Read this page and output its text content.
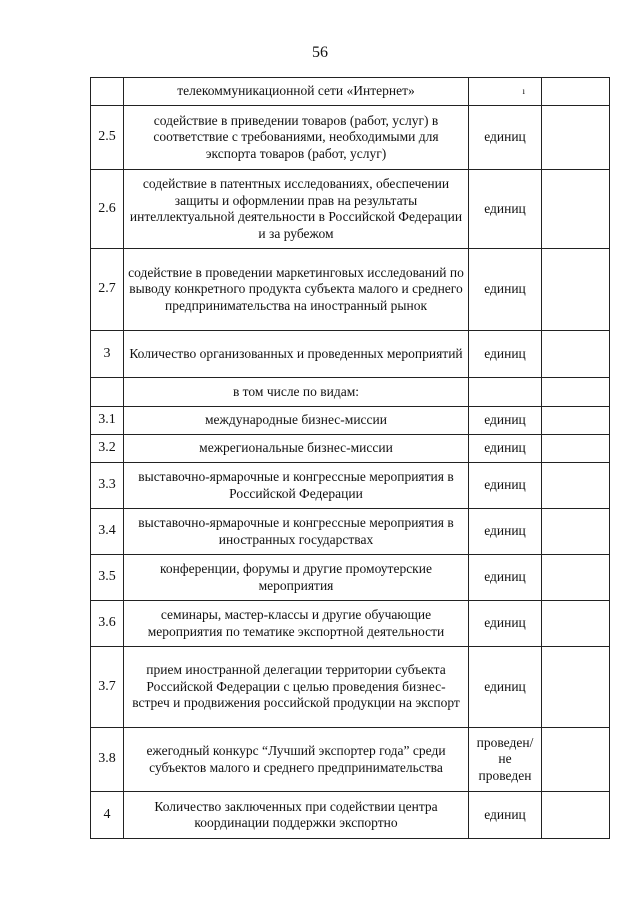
56
	телекоммуникационной сети «Интернет»	ı	

2.5	содействие в приведении товаров (работ, услуг) в соответствие с требованиями, необходимыми для экспорта товаров (работ, услуг)	единиц	
2.6	содействие в патентных исследованиях, обеспечении защиты и оформлении прав на результаты интеллектуальной деятельности в Российской Федерации и за рубежом	единиц	
2.7	содействие в проведении маркетинговых исследований по выводу конкретного продукта субъекта малого и среднего предпринимательства на иностранный рынок	единиц	
3	Количество организованных и проведенных мероприятий	единиц	
	в том числе по видам:		
3.1	международные бизнес-миссии	единиц	
3.2	межрегиональные бизнес-миссии	единиц	
3.3	выставочно-ярмарочные и конгрессные мероприятия в Российской Федерации	единиц	
3.4	выставочно-ярмарочные и конгрессные мероприятия в иностранных государствах	единиц	
3.5	конференции, форумы и другие промоутерские мероприятия	единиц	
3.6	семинары, мастер-классы и другие обучающие мероприятия по тематике экспортной деятельности	единиц	
3.7	прием иностранной делегации территории субъекта Российской Федерации с целью проведения бизнес-встреч и продвижения российской продукции на экспорт	единиц	
3.8	ежегодный конкурс “Лучший экспортер года” среди субъектов малого и среднего предпринимательства	проведен/ не проведен	
4	Количество заключенных при содействии центра координации поддержки экспортно	единиц	
